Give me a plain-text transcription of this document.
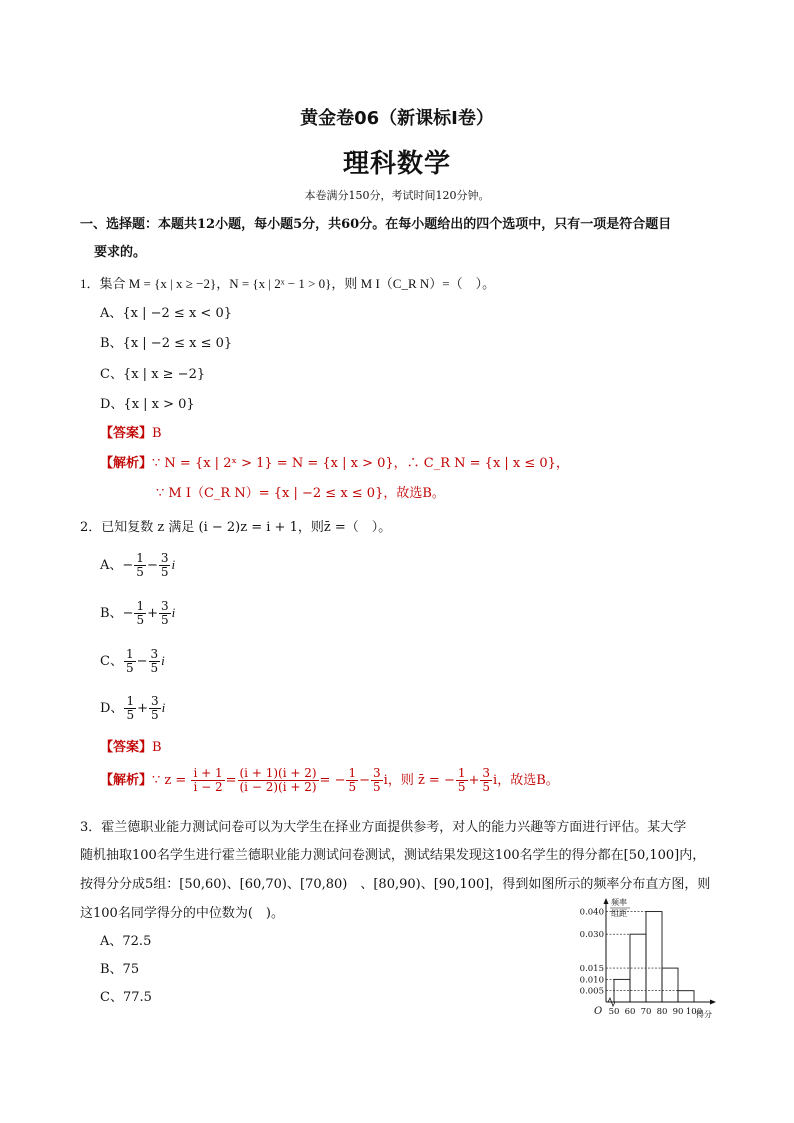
黄金卷06（新课标Ⅰ卷）
理科数学
本卷满分150分，考试时间120分钟。
一、选择题：本题共12小题，每小题5分，共60分。在每小题给出的四个选项中，只有一项是符合题目
要求的。
1．集合 M = {x | x ≥ −2}，N = {x | 2ˣ − 1 > 0}，则 M I（C_R N）=（　）。
A、{x | −2 ≤ x < 0}
B、{x | −2 ≤ x ≤ 0}
C、{x | x ≥ −2}
D、{x | x > 0}
【答案】B
【解析】∵ N = {x | 2ˣ > 1} = N = {x | x > 0}，∴ C_R N = {x | x ≤ 0}，
∵ M I（C_R N）= {x | −2 ≤ x ≤ 0}，故选B。
2．已知复数 z 满足 (i − 2)z = i + 1，则z̄ =（　）。
A、− $\frac{1}{5} - \frac{3}{5}$ i
B、− $\frac{1}{5} + \frac{3}{5}$ i
C、 $\frac{1}{5} - \frac{3}{5}$ i
D、 $\frac{1}{5} + \frac{3}{5}$ i
【答案】B
【解析】∵ $z = \frac{i + 1}{i - 2} = \frac{(i + 1)(i + 2)}{(i - 2)(i + 2)}$ = − $\frac{1}{5} - \frac{3}{5}$ i，则 z̄ = − $\frac{1}{5} + \frac{3}{5}$ i，故选B。
3．霍兰德职业能力测试问卷可以为大学生在择业方面提供参考，对人的能力兴趣等方面进行评估。某大学
随机抽取100名学生进行霍兰德职业能力测试问卷测试，测试结果发现这100名学生的得分都在[50,100]内，
按得分分成5组：[50,60)、[60,70)、[70,80)　、[80,90)、[90,100]，得到如图所示的频率分布直方图，则
这100名同学得分的中位数为(　)。
A、72.5
B、75
C、77.5
O
频率
组距
得分
0.005
0.010
0.015
0.030
0.040
50 60 70 80 90 100
